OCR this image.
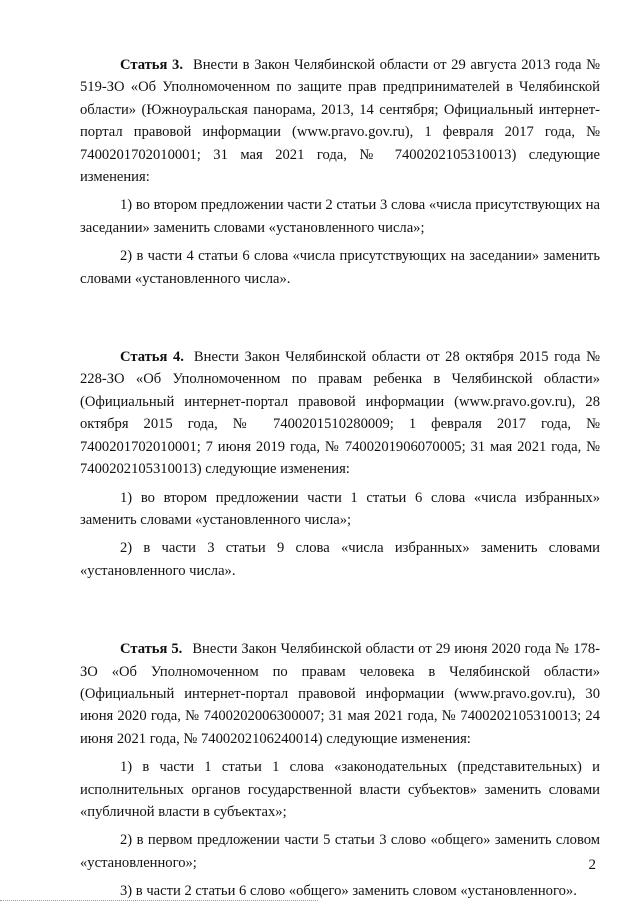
Статья 3. Внести в Закон Челябинской области от 29 августа 2013 года № 519-ЗО «Об Уполномоченном по защите прав предпринимателей в Челябинской области» (Южноуральская панорама, 2013, 14 сентября; Официальный интернет-портал правовой информации (www.pravo.gov.ru), 1 февраля 2017 года, № 7400201702010001; 31 мая 2021 года, № 7400202105310013) следующие изменения:

1) во втором предложении части 2 статьи 3 слова «числа присутствующих на заседании» заменить словами «установленного числа»;

2) в части 4 статьи 6 слова «числа присутствующих на заседании» заменить словами «установленного числа».

Статья 4. Внести Закон Челябинской области от 28 октября 2015 года № 228-ЗО «Об Уполномоченном по правам ребенка в Челябинской области» (Официальный интернет-портал правовой информации (www.pravo.gov.ru), 28 октября 2015 года, № 7400201510280009; 1 февраля 2017 года, № 7400201702010001; 7 июня 2019 года, № 7400201906070005; 31 мая 2021 года, № 7400202105310013) следующие изменения:

1) во втором предложении части 1 статьи 6 слова «числа избранных» заменить словами «установленного числа»;

2) в части 3 статьи 9 слова «числа избранных» заменить словами «установленного числа».

Статья 5. Внести Закон Челябинской области от 29 июня 2020 года № 178-ЗО «Об Уполномоченном по правам человека в Челябинской области» (Официальный интернет-портал правовой информации (www.pravo.gov.ru), 30 июня 2020 года, № 7400202006300007; 31 мая 2021 года, № 7400202105310013; 24 июня 2021 года, № 7400202106240014) следующие изменения:

1) в части 1 статьи 1 слова «законодательных (представительных) и исполнительных органов государственной власти субъектов» заменить словами «публичной власти в субъектах»;

2) в первом предложении части 5 статьи 3 слово «общего» заменить словом «установленного»;

3) в части 2 статьи 6 слово «общего» заменить словом «установленного».

2
